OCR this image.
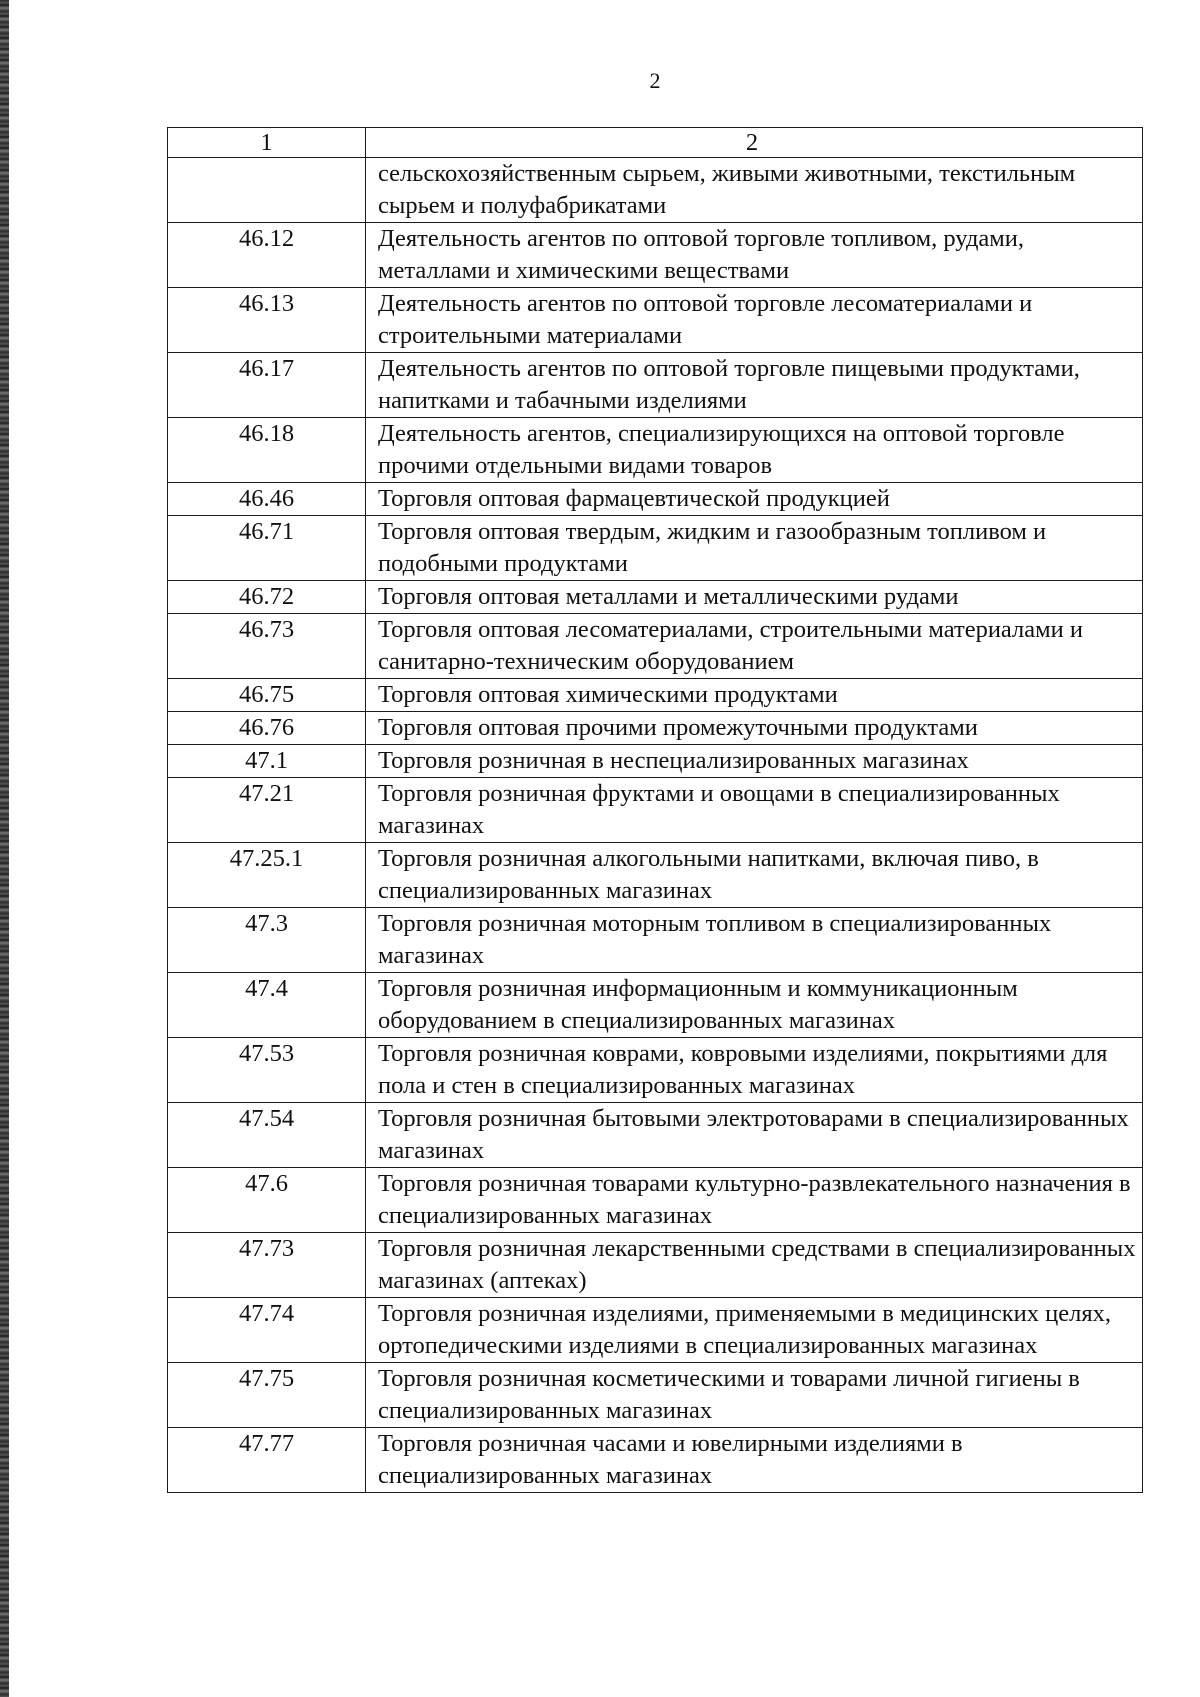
2
1	2
	сельскохозяйственным сырьем, живыми животными, текстильным сырьем и полуфабрикатами
46.12	Деятельность агентов по оптовой торговле топливом, рудами, металлами и химическими веществами
46.13	Деятельность агентов по оптовой торговле лесоматериалами и строительными материалами
46.17	Деятельность агентов по оптовой торговле пищевыми продуктами, напитками и табачными изделиями
46.18	Деятельность агентов, специализирующихся на оптовой торговле прочими отдельными видами товаров
46.46	Торговля оптовая фармацевтической продукцией
46.71	Торговля оптовая твердым, жидким и газообразным топливом и подобными продуктами
46.72	Торговля оптовая металлами и металлическими рудами
46.73	Торговля оптовая лесоматериалами, строительными материалами и санитарно-техническим оборудованием
46.75	Торговля оптовая химическими продуктами
46.76	Торговля оптовая прочими промежуточными продуктами
47.1	Торговля розничная в неспециализированных магазинах
47.21	Торговля розничная фруктами и овощами в специализированных магазинах
47.25.1	Торговля розничная алкогольными напитками, включая пиво, в специализированных магазинах
47.3	Торговля розничная моторным топливом в специализированных магазинах
47.4	Торговля розничная информационным и коммуникационным оборудованием в специализированных магазинах
47.53	Торговля розничная коврами, ковровыми изделиями, покрытиями для пола и стен в специализированных магазинах
47.54	Торговля розничная бытовыми электротоварами в специализированных магазинах
47.6	Торговля розничная товарами культурно-развлекательного назначения в специализированных магазинах
47.73	Торговля розничная лекарственными средствами в специализированных магазинах (аптеках)
47.74	Торговля розничная изделиями, применяемыми в медицинских целях, ортопедическими изделиями в специализированных магазинах
47.75	Торговля розничная косметическими и товарами личной гигиены в специализированных магазинах
47.77	Торговля розничная часами и ювелирными изделиями в специализированных магазинах
